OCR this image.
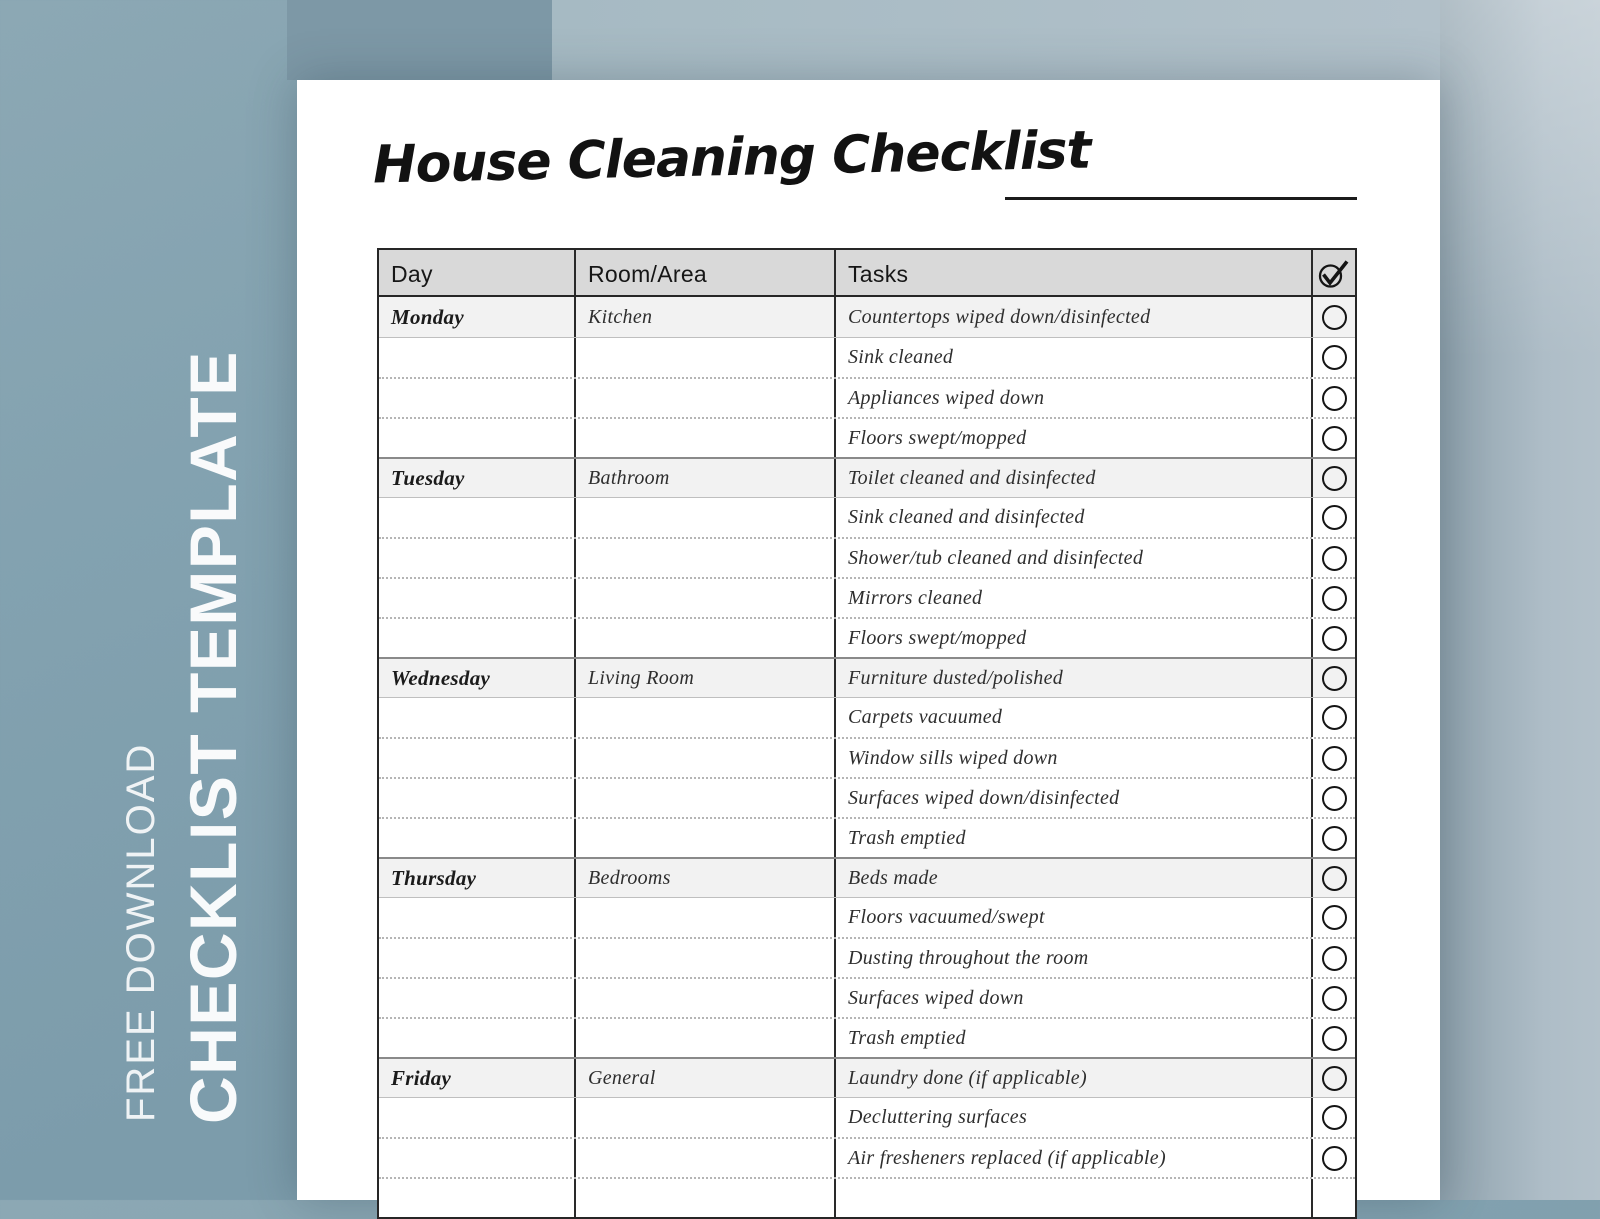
FREE DOWNLOAD CHECKLIST TEMPLATE
House Cleaning Checklist
Day	Room/Area	Tasks
Monday	Kitchen	Countertops wiped down/disinfected
Sink cleaned
Appliances wiped down
Floors swept/mopped
Tuesday	Bathroom	Toilet cleaned and disinfected
Sink cleaned and disinfected
Shower/tub cleaned and disinfected
Mirrors cleaned
Floors swept/mopped
Wednesday	Living Room	Furniture dusted/polished
Carpets vacuumed
Window sills wiped down
Surfaces wiped down/disinfected
Trash emptied
Thursday	Bedrooms	Beds made
Floors vacuumed/swept
Dusting throughout the room
Surfaces wiped down
Trash emptied
Friday	General	Laundry done (if applicable)
Decluttering surfaces
Air fresheners replaced (if applicable)
